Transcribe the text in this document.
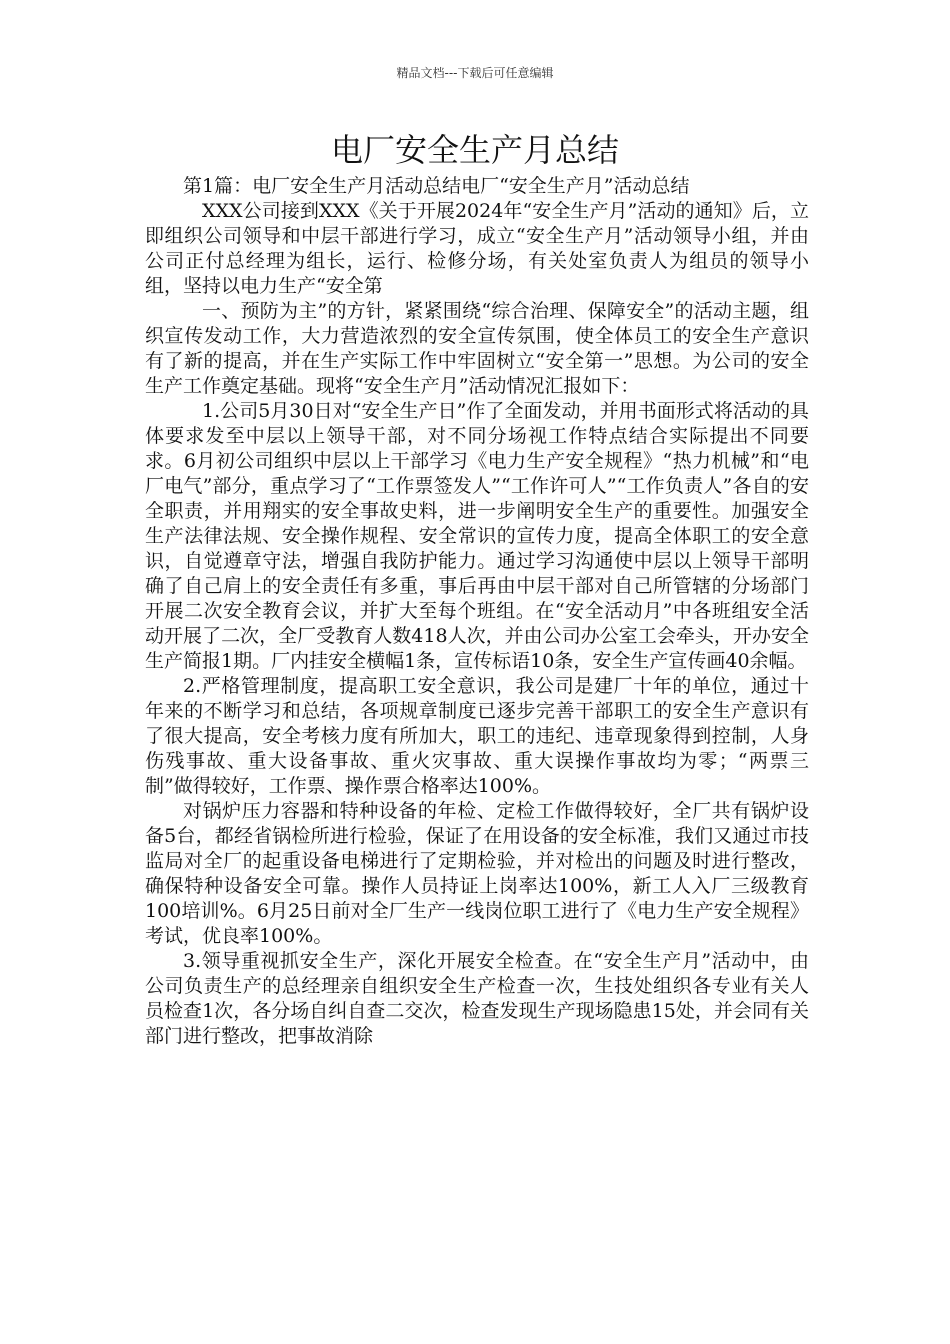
精品文档---下载后可任意编辑
电厂安全生产月总结

第1篇：电厂安全生产月活动总结电厂“安全生产月”活动总结

XXX公司接到XXX《关于开展2024年“安全生产月”活动的通知》后，立即组织公司领导和中层干部进行学习，成立“安全生产月”活动领导小组，并由公司正付总经理为组长，运行、检修分场，有关处室负责人为组员的领导小组，坚持以电力生产“安全第

一、预防为主”的方针，紧紧围绕“综合治理、保障安全”的活动主题，组织宣传发动工作，大力营造浓烈的安全宣传氛围，使全体员工的安全生产意识有了新的提高，并在生产实际工作中牢固树立“安全第一”思想。为公司的安全生产工作奠定基础。现将“安全生产月”活动情况汇报如下：

1.公司5月30日对“安全生产日”作了全面发动，并用书面形式将活动的具体要求发至中层以上领导干部，对不同分场视工作特点结合实际提出不同要求。6月初公司组织中层以上干部学习《电力生产安全规程》“热力机械”和“电厂电气”部分，重点学习了“工作票签发人”“工作许可人”“工作负责人”各自的安全职责，并用翔实的安全事故史料，进一步阐明安全生产的重要性。加强安全生产法律法规、安全操作规程、安全常识的宣传力度，提高全体职工的安全意识，自觉遵章守法，增强自我防护能力。通过学习沟通使中层以上领导干部明确了自己肩上的安全责任有多重，事后再由中层干部对自己所管辖的分场部门开展二次安全教育会议，并扩大至每个班组。在“安全活动月”中各班组安全活动开展了二次，全厂受教育人数418人次，并由公司办公室工会牵头，开办安全生产简报1期。厂内挂安全横幅1条，宣传标语10条，安全生产宣传画40余幅。

2.严格管理制度，提高职工安全意识，我公司是建厂十年的单位，通过十年来的不断学习和总结，各项规章制度已逐步完善干部职工的安全生产意识有了很大提高，安全考核力度有所加大，职工的违纪、违章现象得到控制，人身伤残事故、重大设备事故、重火灾事故、重大误操作事故均为零；“两票三制”做得较好，工作票、操作票合格率达100%。

对锅炉压力容器和特种设备的年检、定检工作做得较好，全厂共有锅炉设备5台，都经省锅检所进行检验，保证了在用设备的安全标准，我们又通过市技监局对全厂的起重设备电梯进行了定期检验，并对检出的问题及时进行整改，确保特种设备安全可靠。操作人员持证上岗率达100%，新工人入厂三级教育100培训%。6月25日前对全厂生产一线岗位职工进行了《电力生产安全规程》考试，优良率100%。

3.领导重视抓安全生产，深化开展安全检查。在“安全生产月”活动中，由公司负责生产的总经理亲自组织安全生产检查一次，生技处组织各专业有关人员检查1次，各分场自纠自查二交次，检查发现生产现场隐患15处，并会同有关部门进行整改，把事故消除
